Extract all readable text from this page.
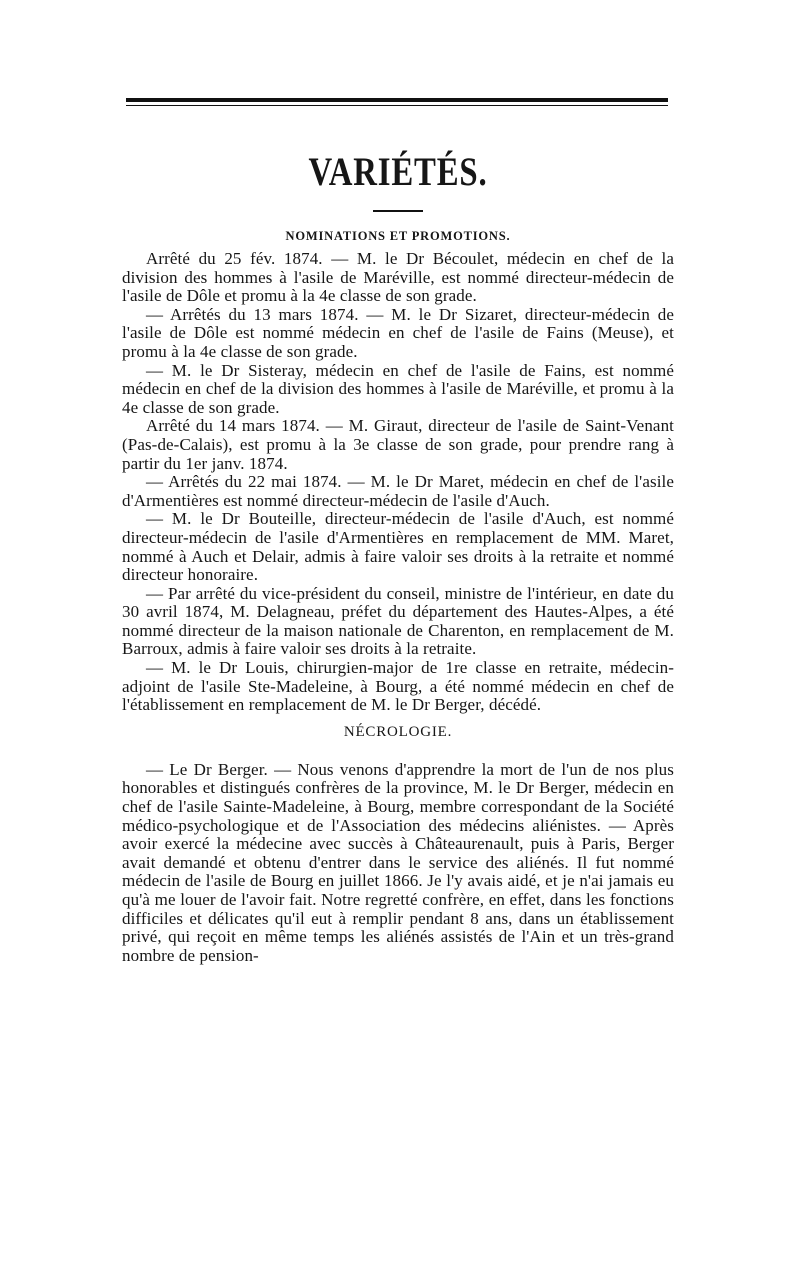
VARIÉTÉS.
NOMINATIONS ET PROMOTIONS.

Arrêté du 25 fév. 1874. — M. le Dr Bécoulet, médecin en chef de la division des hommes à l'asile de Maréville, est nommé directeur-médecin de l'asile de Dôle et promu à la 4e classe de son grade.

— Arrêtés du 13 mars 1874. — M. le Dr Sizaret, directeur-médecin de l'asile de Dôle est nommé médecin en chef de l'asile de Fains (Meuse), et promu à la 4e classe de son grade.

— M. le Dr Sisteray, médecin en chef de l'asile de Fains, est nommé médecin en chef de la division des hommes à l'asile de Maréville, et promu à la 4e classe de son grade.

Arrêté du 14 mars 1874. — M. Giraut, directeur de l'asile de Saint-Venant (Pas-de-Calais), est promu à la 3e classe de son grade, pour prendre rang à partir du 1er janv. 1874.

— Arrêtés du 22 mai 1874. — M. le Dr Maret, médecin en chef de l'asile d'Armentières est nommé directeur-médecin de l'asile d'Auch.

— M. le Dr Bouteille, directeur-médecin de l'asile d'Auch, est nommé directeur-médecin de l'asile d'Armentières en remplacement de MM. Maret, nommé à Auch et Delair, admis à faire valoir ses droits à la retraite et nommé directeur honoraire.

— Par arrêté du vice-président du conseil, ministre de l'intérieur, en date du 30 avril 1874, M. Delagneau, préfet du département des Hautes-Alpes, a été nommé directeur de la maison nationale de Charenton, en remplacement de M. Barroux, admis à faire valoir ses droits à la retraite.

— M. le Dr Louis, chirurgien-major de 1re classe en retraite, médecin-adjoint de l'asile Ste-Madeleine, à Bourg, a été nommé médecin en chef de l'établissement en remplacement de M. le Dr Berger, décédé.

NÉCROLOGIE.

— Le Dr Berger. — Nous venons d'apprendre la mort de l'un de nos plus honorables et distingués confrères de la province, M. le Dr Berger, médecin en chef de l'asile Sainte-Madeleine, à Bourg, membre correspondant de la Société médico-psychologique et de l'Association des médecins aliénistes. — Après avoir exercé la médecine avec succès à Châteaurenault, puis à Paris, Berger avait demandé et obtenu d'entrer dans le service des aliénés. Il fut nommé médecin de l'asile de Bourg en juillet 1866. Je l'y avais aidé, et je n'ai jamais eu qu'à me louer de l'avoir fait. Notre regretté confrère, en effet, dans les fonctions difficiles et délicates qu'il eut à remplir pendant 8 ans, dans un établissement privé, qui reçoit en même temps les aliénés assistés de l'Ain et un très-grand nombre de pension-
